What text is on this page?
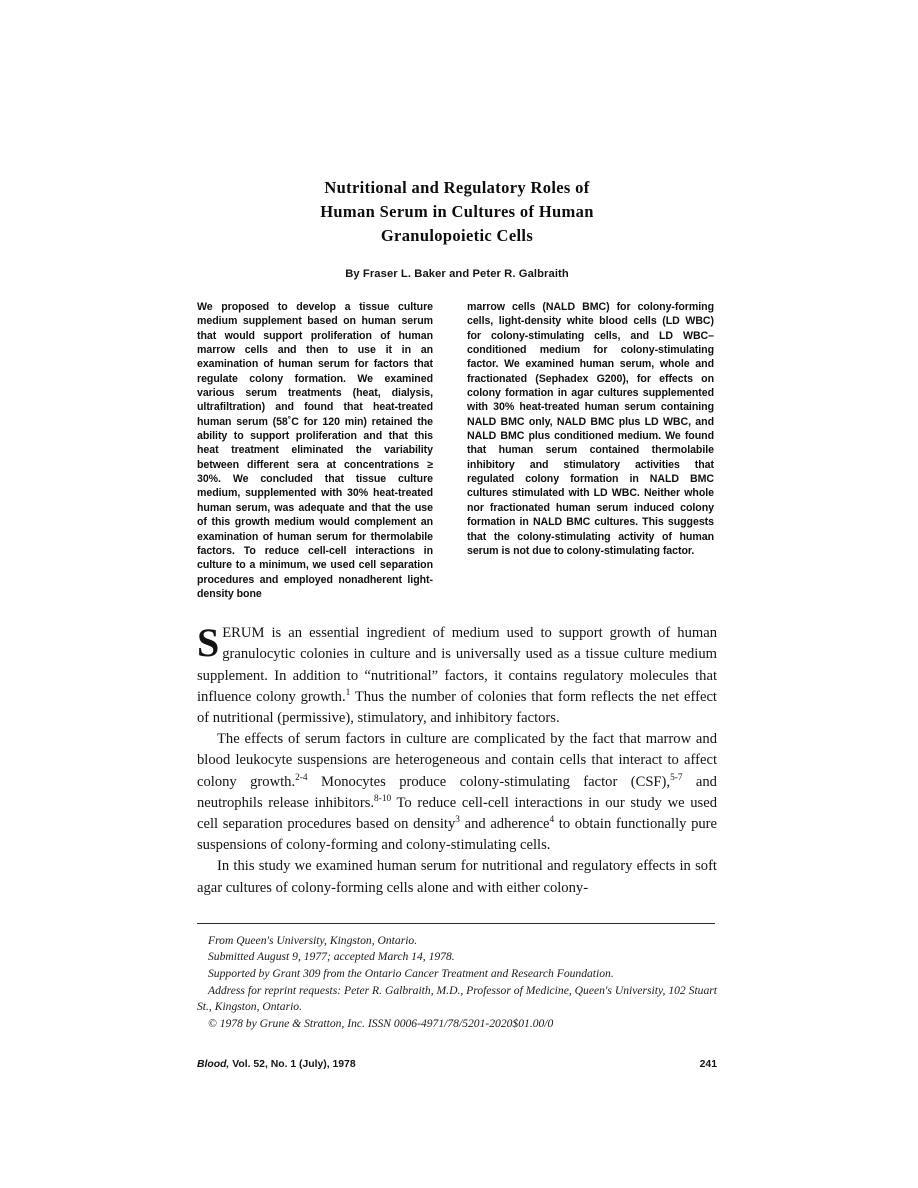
Nutritional and Regulatory Roles of
Human Serum in Cultures of Human
Granulopoietic Cells
By Fraser L. Baker and Peter R. Galbraith

We proposed to develop a tissue culture medium supplement based on human serum that would support proliferation of human marrow cells and then to use it in an examination of human serum for factors that regulate colony formation. We examined various serum treatments (heat, dialysis, ultrafiltration) and found that heat-treated human serum (58˚C for 120 min) retained the ability to support proliferation and that this heat treatment eliminated the variability between different sera at concentrations ≥ 30%. We concluded that tissue culture medium, supplemented with 30% heat-treated human serum, was adequate and that the use of this growth medium would complement an examination of human serum for thermolabile factors. To reduce cell-cell interactions in culture to a minimum, we used cell separation procedures and employed nonadherent light-density bone

marrow cells (NALD BMC) for colony-forming cells, light-density white blood cells (LD WBC) for colony-stimulating cells, and LD WBC–conditioned medium for colony-stimulating factor. We examined human serum, whole and fractionated (Sephadex G200), for effects on colony formation in agar cultures supplemented with 30% heat-treated human serum containing NALD BMC only, NALD BMC plus LD WBC, and NALD BMC plus conditioned medium. We found that human serum contained thermolabile inhibitory and stimulatory activities that regulated colony formation in NALD BMC cultures stimulated with LD WBC. Neither whole nor fractionated human serum induced colony formation in NALD BMC cultures. This suggests that the colony-stimulating activity of human serum is not due to colony-stimulating factor.

SERUM is an essential ingredient of medium used to support growth of human granulocytic colonies in culture and is universally used as a tissue culture medium supplement. In addition to “nutritional” factors, it contains regulatory molecules that influence colony growth.$^1$ Thus the number of colonies that form reflects the net effect of nutritional (permissive), stimulatory, and inhibitory factors.

The effects of serum factors in culture are complicated by the fact that marrow and blood leukocyte suspensions are heterogeneous and contain cells that interact to affect colony growth.$^{2-4}$ Monocytes produce colony-stimulating factor (CSF),$^{5-7}$ and neutrophils release inhibitors.$^{8-10}$ To reduce cell-cell interactions in our study we used cell separation procedures based on density$^3$ and adherence$^4$ to obtain functionally pure suspensions of colony-forming and colony-stimulating cells.

In this study we examined human serum for nutritional and regulatory effects in soft agar cultures of colony-forming cells alone and with either colony-

From Queen's University, Kingston, Ontario.

Submitted August 9, 1977; accepted March 14, 1978.

Supported by Grant 309 from the Ontario Cancer Treatment and Research Foundation.

Address for reprint requests: Peter R. Galbraith, M.D., Professor of Medicine, Queen's University, 102 Stuart St., Kingston, Ontario.

© 1978 by Grune & Stratton, Inc. ISSN 0006-4971/78/5201-2020$01.00/0

Blood, Vol. 52, No. 1 (July), 1978	241
